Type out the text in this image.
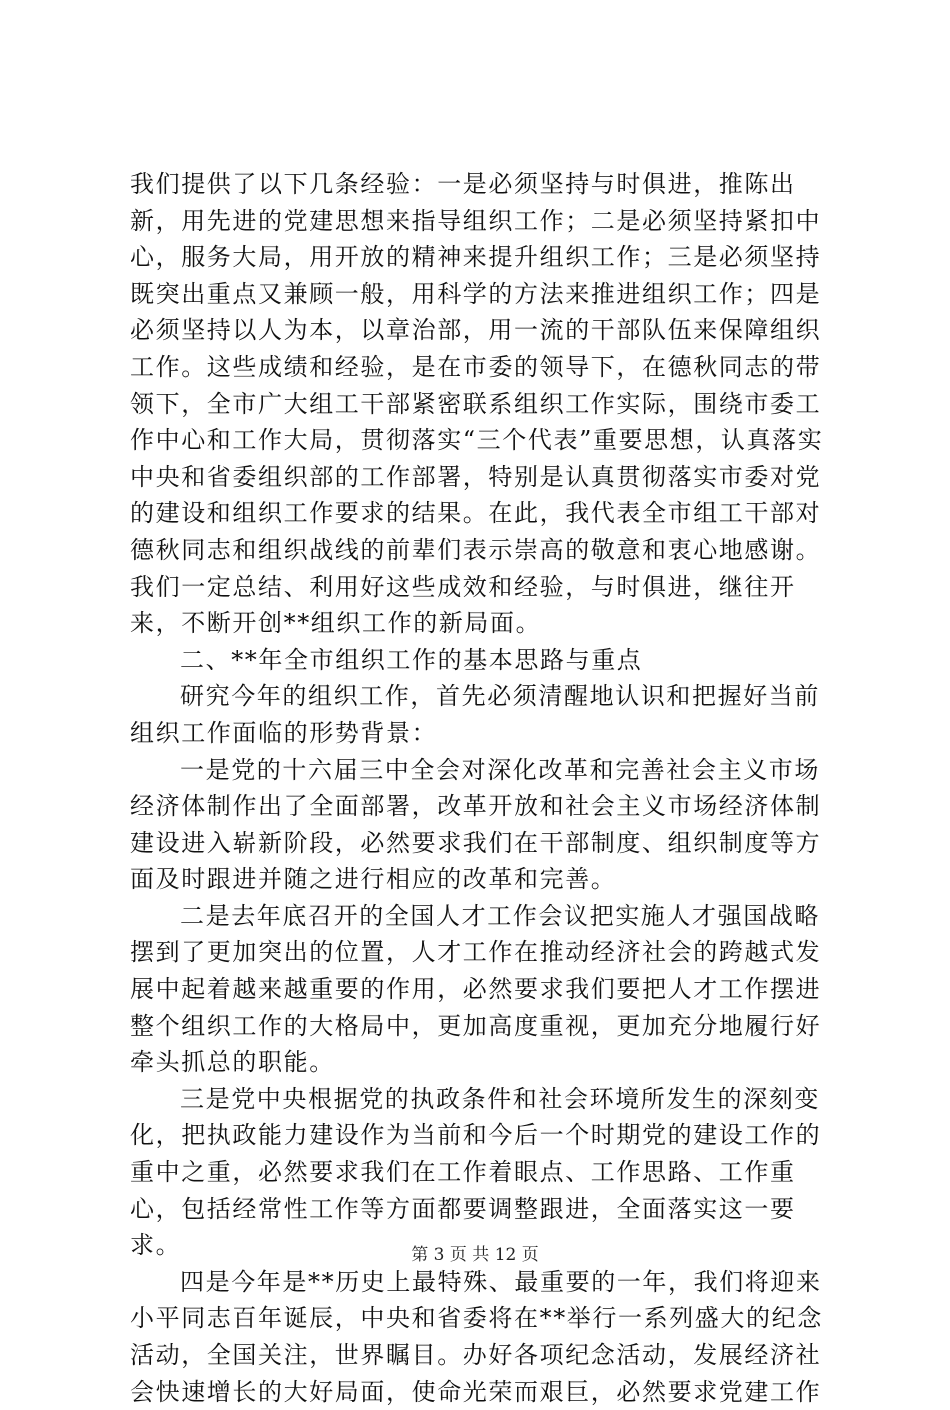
我们提供了以下几条经验：一是必须坚持与时俱进，推陈出新，用先进的党建思想来指导组织工作；二是必须坚持紧扣中心，服务大局，用开放的精神来提升组织工作；三是必须坚持既突出重点又兼顾一般，用科学的方法来推进组织工作；四是必须坚持以人为本，以章治部，用一流的干部队伍来保障组织工作。这些成绩和经验，是在市委的领导下，在德秋同志的带领下，全市广大组工干部紧密联系组织工作实际，围绕市委工作中心和工作大局，贯彻落实“三个代表”重要思想，认真落实中央和省委组织部的工作部署，特别是认真贯彻落实市委对党的建设和组织工作要求的结果。在此，我代表全市组工干部对德秋同志和组织战线的前辈们表示崇高的敬意和衷心地感谢。我们一定总结、利用好这些成效和经验，与时俱进，继往开来，不断开创**组织工作的新局面。

二、**年全市组织工作的基本思路与重点

研究今年的组织工作，首先必须清醒地认识和把握好当前组织工作面临的形势背景：

一是党的十六届三中全会对深化改革和完善社会主义市场经济体制作出了全面部署，改革开放和社会主义市场经济体制建设进入崭新阶段，必然要求我们在干部制度、组织制度等方面及时跟进并随之进行相应的改革和完善。

二是去年底召开的全国人才工作会议把实施人才强国战略摆到了更加突出的位置，人才工作在推动经济社会的跨越式发展中起着越来越重要的作用，必然要求我们要把人才工作摆进整个组织工作的大格局中，更加高度重视，更加充分地履行好牵头抓总的职能。

三是党中央根据党的执政条件和社会环境所发生的深刻变化，把执政能力建设作为当前和今后一个时期党的建设工作的重中之重，必然要求我们在工作着眼点、工作思路、工作重心，包括经常性工作等方面都要调整跟进，全面落实这一要求。

四是今年是**历史上最特殊、最重要的一年，我们将迎来小平同志百年诞辰，中央和省委将在**举行一系列盛大的纪念活动，全国关注，世界瞩目。办好各项纪念活动，发展经济社会快速增长的大好局面，使命光荣而艰巨，必然要求党建工作

第 3 页 共 12 页
